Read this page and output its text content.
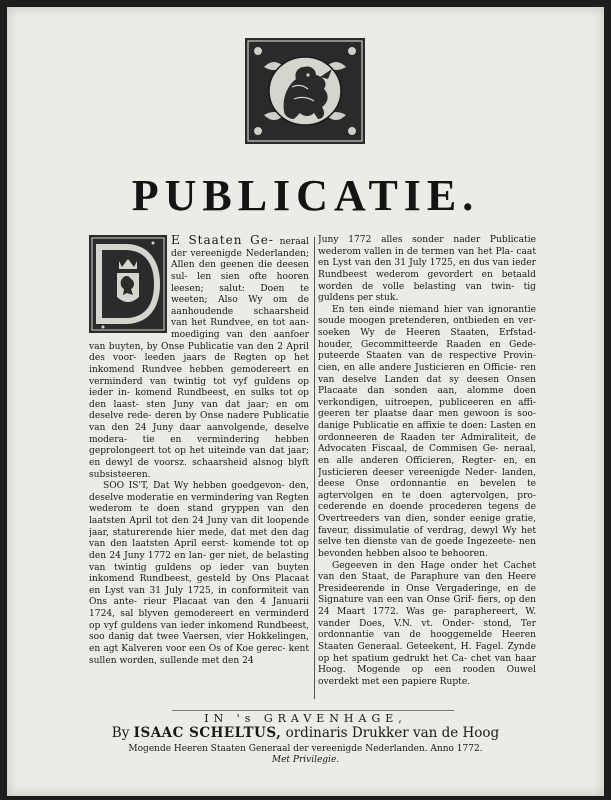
PUBLICATIE.

E Staaten Ge- neraal der vereenigde Nederlanden; Allen den geenen die deesen sul- len sien ofte hooren leesen; salut: Doen te weeten; Also Wy om de aanhoudende schaarsheid van het Rundvee, en tot aan- moediging van den aanfoer van buyten, by Onse Publicatie van den 2 April des voor- leeden jaars de Regten op het inkomend Rundvee hebben gemodereert en verminderd van twintig tot vyf guldens op ieder in- komend Rundbeest, en sulks tot op den laast- sten Juny van dat jaar; en om deselve rede- deren by Onse nadere Publicatie van den 24 Juny daar aanvolgende, deselve modera- tie en vermindering hebben geprolongeert tot op het uiteinde van dat jaar; en dewyl de voorsz. schaarsheid alsnog blyft subsisteeren.

SOO IS'T, Dat Wy hebben goedgevon- den, deselve moderatie en vermindering van Regten wederom te doen stand gryppen van den laatsten April tot den 24 Juny van dit loopende jaar, staturerende hier mede, dat met den dag van den laatsten April eerst- komende tot op den 24 Juny 1772 en lan- ger niet, de belasting van twintig guldens op ieder van buyten inkomend Rundbeest, gesteld by Ons Placaat en Lyst van 31 July 1725, in conformiteit van Ons ante- rieur Placaat van den 4 Januarii 1724, sal blyven gemodereert en verminderd op vyf guldens van ieder inkomend Rundbeest, soo danig dat twee Vaersen, vier Hokkelingen, en agt Kalveren voor een Os of Koe gerec- kent sullen worden, sullende met den 24

Juny 1772 alles sonder nader Publicatie wederom vallen in de termen van het Pla- caat en Lyst van den 31 July 1725, en dus van ieder Rundbeest wederom gevordert en betaald worden de volle belasting van twin- tig guldens per stuk.

En ten einde niemand hier van ignorantie soude moogen pretenderen, ontbieden en ver- soeken Wy de Heeren Staaten, Erfstad- houder, Gecommitteerde Raaden en Gede- puteerde Staaten van de respective Provin- cien, en alle andere Justicieren en Officie- ren van deselve Landen dat sy deesen Onsen Placaate dan sonden aan, alomme doen verkondigen, uitroepen, publiceeren en affi- geeren ter plaatse daar men gewoon is soo- danige Publicatie en affixie te doen: Lasten en ordonneeren de Raaden ter Admiraliteit, de Advocaten Fiscaal, de Commisen Ge- neraal, en alle anderen Officieren, Regter- en, en Justicieren deeser vereenigde Neder- landen, deese Onse ordonnantie en bevelen te agtervolgen en te doen agtervolgen, pro- cederende en doende procederen tegens de Overtreeders van dien, sonder eenige gratie, faveur, dissimulatie of verdrag, dewyl Wy het selve ten dienste van de goede Ingezeete- nen bevonden hebben alsoo te behooren.

Gegeeven in den Hage onder het Cachet van den Staat, de Paraphure van den Heere Presideerende in Onse Vergaderinge, en de Signature van een van Onse Grif- fiers, op den 24 Maart 1772. Was ge- paraphereert, W. vander Does, V.N. vt. Onder- stond, Ter ordonnantie van de hooggemelde Heeren Staaten Generaal. Geteekent, H. Fagel. Zynde op het spatium gedrukt het Ca- chet van haar Hoog. Mogende op een rooden Ouwel overdekt met een papiere Rupte.

IN 's GRAVENHAGE,
By ISAAC SCHELTUS, ordinaris Drukker van de Hoog
Mogende Heeren Staaten Generaal der vereenigde Nederlanden. Anno 1772.
Met Privilegie.
